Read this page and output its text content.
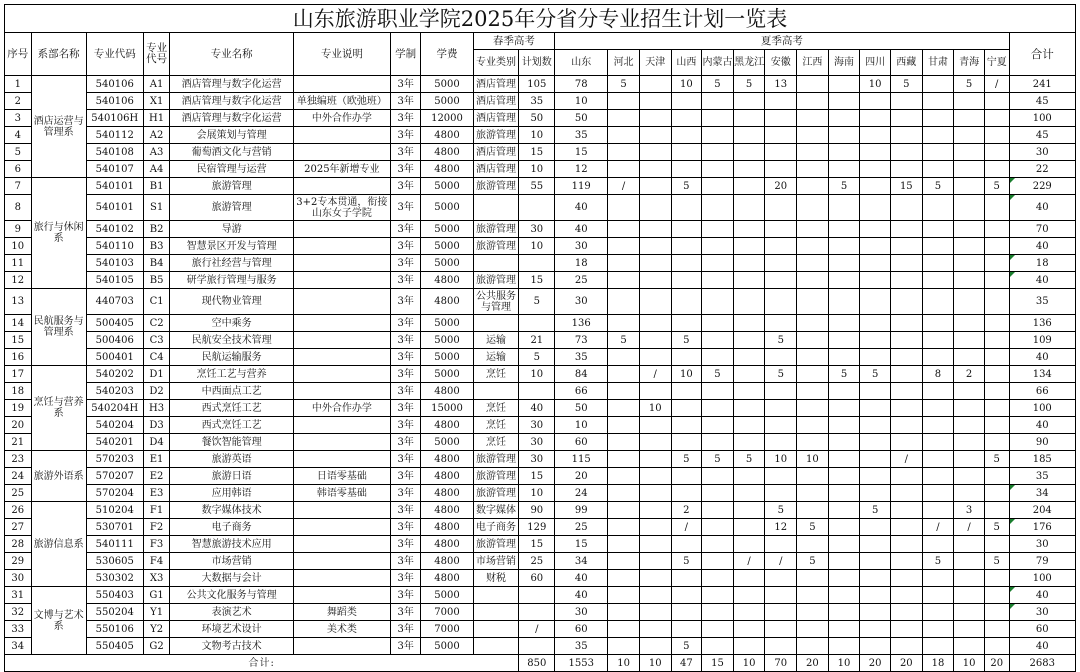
山东旅游职业学院2025年分省分专业招生计划一览表
序号	系部名称	专业代码	专业代号	专业名称	专业说明	学制	学费	春季高考		夏季高考														合计
								专业类别	计划数	山东	河北	天津	山西	内蒙古	黑龙江	安徽	江西	海南	四川	西藏	甘肃	青海	宁夏	
1	酒店运营与管理系	540106	A1	酒店管理与数字化运营		3年	5000	酒店管理	105	78	5		10	5	5	13			10	5		5	/	241
2		540106	X1	酒店管理与数字化运营	单独编班（欧弛班）	3年	5000	酒店管理	35	10														45
3		540106H	H1	酒店管理与数字化运营	中外合作办学	3年	12000	酒店管理	50	50														100
4		540112	A2	会展策划与管理		3年	4800	旅游管理	10	35														45
5		540108	A3	葡萄酒文化与营销		3年	4800	酒店管理	15	15														30
6		540107	A4	民宿管理与运营	2025年新增专业	3年	4800	酒店管理	10	12														22
7	旅行与休闲系	540101	B1	旅游管理		3年	5000	旅游管理	55	119	/		5			20		5		15	5		5	229
8		540101	S1	旅游管理	3+2专本贯通，衔接山东女子学院	3年	5000			40														40
9		540102	B2	导游		3年	5000	旅游管理	30	40														70
10		540110	B3	智慧景区开发与管理		3年	5000	旅游管理	10	30														40
11		540103	B4	旅行社经营与管理		3年	5000			18														18
12		540105	B5	研学旅行管理与服务		3年	4800	旅游管理	15	25														40
13	民航服务与管理系	440703	C1	现代物业管理		3年	4800	公共服务与管理	5	30														35
14		500405	C2	空中乘务		3年	5000			136														136
15		500406	C3	民航安全技术管理		3年	5000	运输	21	73	5		5			5								109
16		500401	C4	民航运输服务		3年	5000	运输	5	35														40
17	烹饪与营养系	540202	D1	烹饪工艺与营养		3年	5000	烹饪	10	84		/	10	5		5		5	5		8	2		134
18		540203	D2	中西面点工艺		3年	4800			66														66
19		540204H	H3	西式烹饪工艺	中外合作办学	3年	15000	烹饪	40	50		10												100
20		540204	D3	西式烹饪工艺		3年	4800	烹饪	30	10														40
21		540201	D4	餐饮智能管理		3年	5000	烹饪	30	60														90
23	旅游外语系	570203	E1	旅游英语		3年	4800	旅游管理	30	115			5	5	5	10	10			/			5	185
24		570207	E2	旅游日语	日语零基础	3年	4800	旅游管理	15	20														35
25		570204	E3	应用韩语	韩语零基础	3年	4800	旅游管理	10	24														34
26	旅游信息系	510204	F1	数字媒体技术		3年	4800	数字媒体	90	99			2			5			5			3		204
27		530701	F2	电子商务		3年	4800	电子商务	129	25			/			12	5				/	/	5	176
28		540111	F3	智慧旅游技术应用		3年	4800	旅游管理	15	15														30
29		530605	F4	市场营销		3年	4800	市场营销	25	34			5		/	/	5				5		5	79
30		530302	X3	大数据与会计		3年	4800	财税	60	40														100
31	文博与艺术系	550403	G1	公共文化服务与管理		3年	5000			40														40
32		550204	Y1	表演艺术	舞蹈类	3年	7000			30														30
33		550106	Y2	环境艺术设计	美术类	3年	7000		/	60														60
34		550405	G2	文物考古技术		3年	5000			35			5											40
合计:									850	1553	10	10	47	15	10	70	20	10	20	20	18	10	20	2683
